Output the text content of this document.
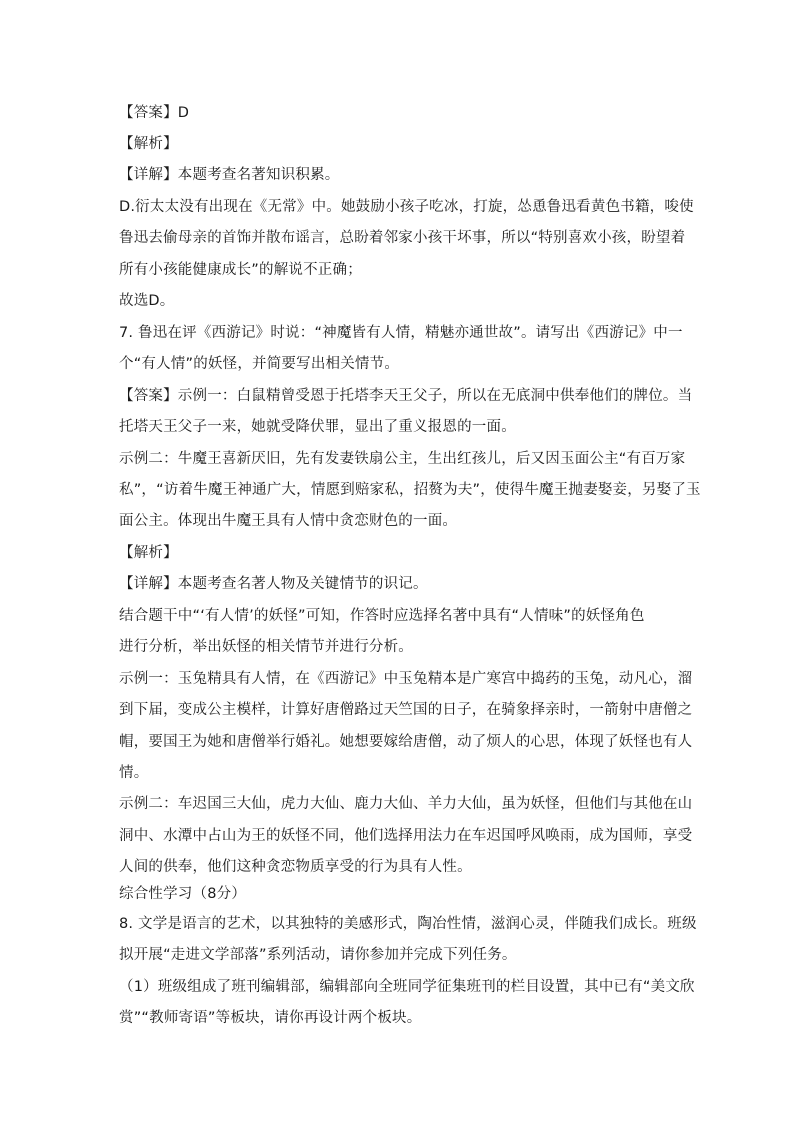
【答案】D
【解析】
【详解】本题考查名著知识积累。
D.衍太太没有出现在《无常》中。她鼓励小孩子吃冰，打旋，怂恿鲁迅看黄色书籍，唆使
鲁迅去偷母亲的首饰并散布谣言，总盼着邻家小孩干坏事，所以“特别喜欢小孩，盼望着
所有小孩能健康成长”的解说不正确；
故选D。
7. 鲁迅在评《西游记》时说：“神魔皆有人情，精魅亦通世故”。请写出《西游记》中一
个“有人情”的妖怪，并简要写出相关情节。
【答案】示例一：白鼠精曾受恩于托塔李天王父子，所以在无底洞中供奉他们的牌位。当
托塔天王父子一来，她就受降伏罪，显出了重义报恩的一面。
示例二：牛魔王喜新厌旧，先有发妻铁扇公主，生出红孩儿，后又因玉面公主“有百万家
私”，“访着牛魔王神通广大，情愿到赔家私，招赘为夫”，使得牛魔王抛妻娶妾，另娶了玉
面公主。体现出牛魔王具有人情中贪恋财色的一面。
【解析】
【详解】本题考查名著人物及关键情节的识记。
结合题干中“‘有人情’的妖怪”可知，作答时应选择名著中具有“人情味”的妖怪角色
进行分析，举出妖怪的相关情节并进行分析。
示例一：玉兔精具有人情，在《西游记》中玉兔精本是广寒宫中捣药的玉兔，动凡心，溜
到下届，变成公主模样，计算好唐僧路过天竺国的日子，在骑象择亲时，一箭射中唐僧之
帽，要国王为她和唐僧举行婚礼。她想要嫁给唐僧，动了烦人的心思，体现了妖怪也有人
情。
示例二：车迟国三大仙，虎力大仙、鹿力大仙、羊力大仙，虽为妖怪，但他们与其他在山
洞中、水潭中占山为王的妖怪不同，他们选择用法力在车迟国呼风唤雨，成为国师，享受
人间的供奉，他们这种贪恋物质享受的行为具有人性。
综合性学习（8分）
8. 文学是语言的艺术，以其独特的美感形式，陶冶性情，滋润心灵，伴随我们成长。班级
拟开展“走进文学部落”系列活动，请你参加并完成下列任务。
（1）班级组成了班刊编辑部，编辑部向全班同学征集班刊的栏目设置，其中已有“美文欣
赏”“教师寄语”等板块，请你再设计两个板块。
